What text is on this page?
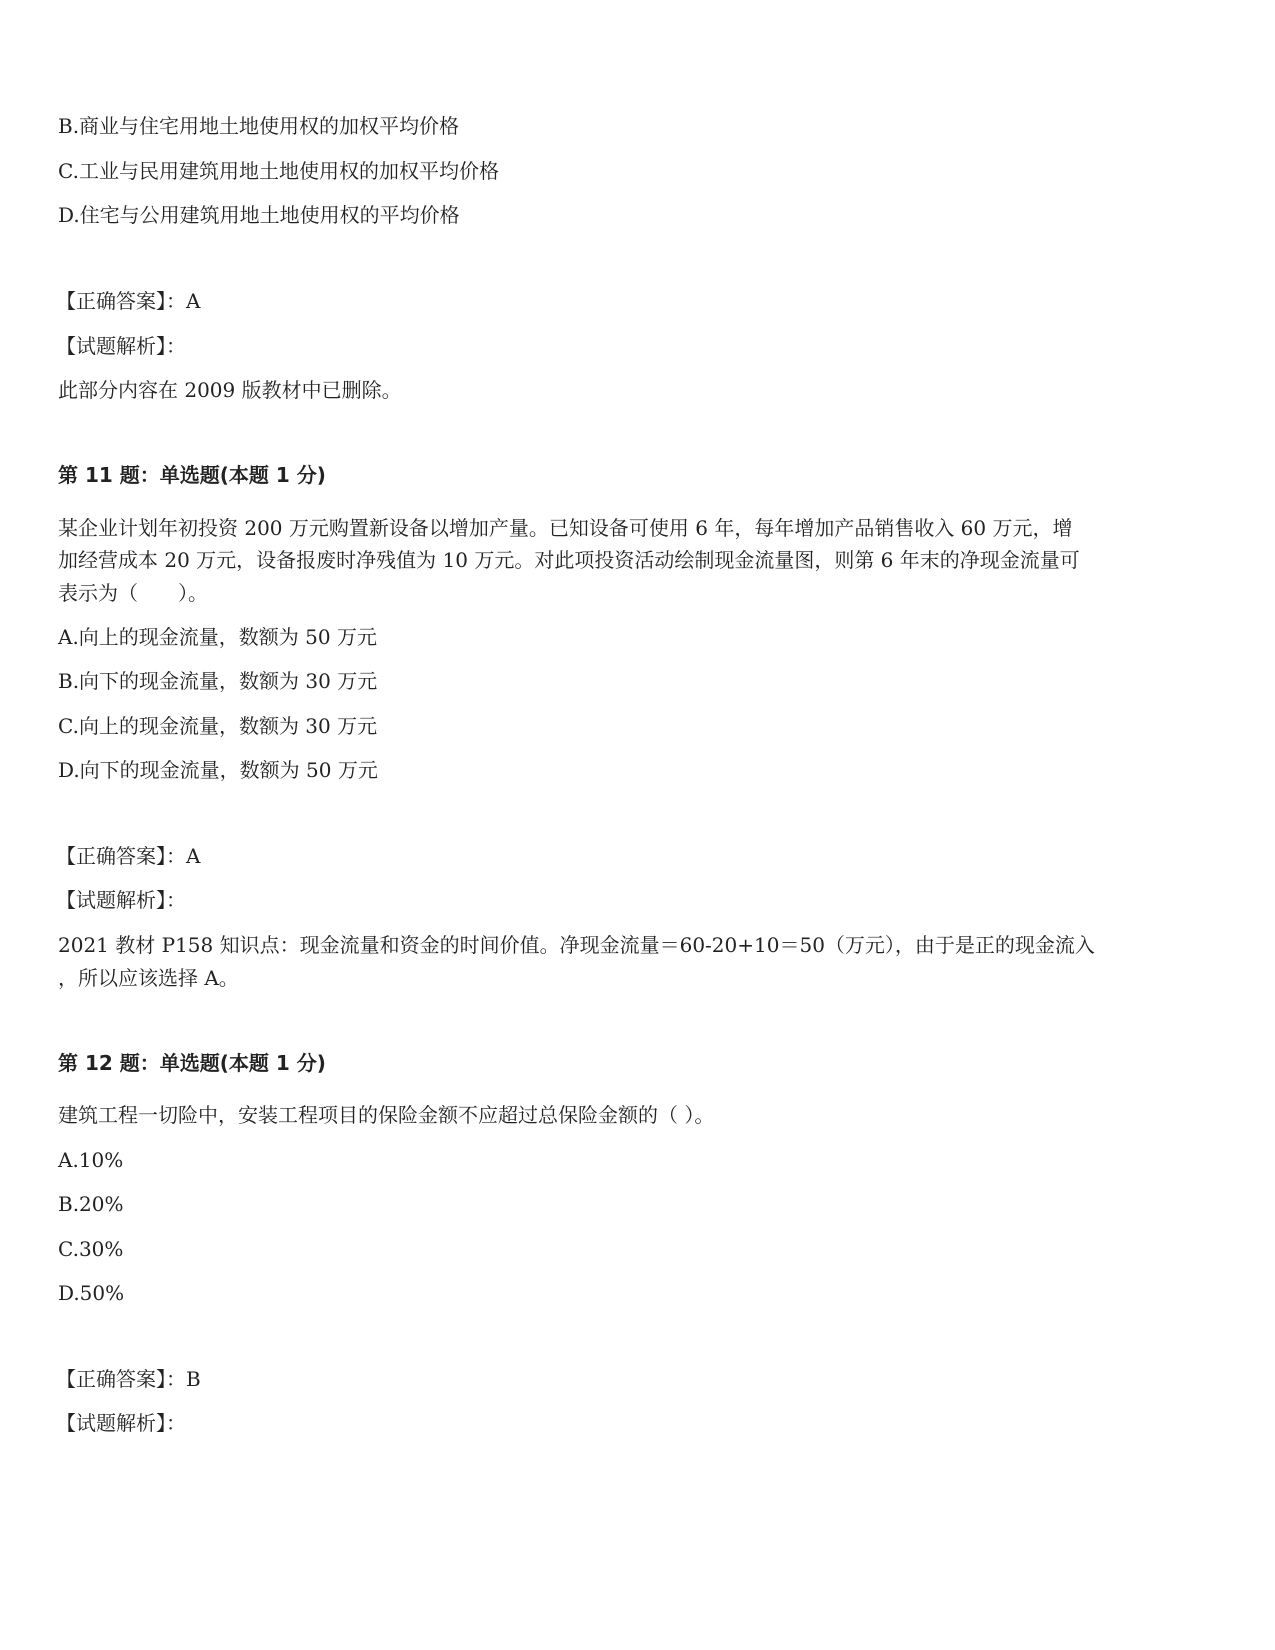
B.商业与住宅用地土地使用权的加权平均价格
C.工业与民用建筑用地土地使用权的加权平均价格
D.住宅与公用建筑用地土地使用权的平均价格
【正确答案】：A
【试题解析】：
此部分内容在 2009 版教材中已删除。
第 11 题：单选题(本题 1 分)
某企业计划年初投资 200 万元购置新设备以增加产量。已知设备可使用 6 年，每年增加产品销售收入 60 万元，增
加经营成本 20 万元，设备报废时净残值为 10 万元。对此项投资活动绘制现金流量图，则第 6 年末的净现金流量可
表示为（　　）。
A.向上的现金流量，数额为 50 万元
B.向下的现金流量，数额为 30 万元
C.向上的现金流量，数额为 30 万元
D.向下的现金流量，数额为 50 万元
【正确答案】：A
【试题解析】：
2021 教材 P158 知识点：现金流量和资金的时间价值。净现金流量＝60-20+10＝50（万元），由于是正的现金流入
，所以应该选择 A。
第 12 题：单选题(本题 1 分)
建筑工程一切险中，安装工程项目的保险金额不应超过总保险金额的（ ）。
A.10%
B.20%
C.30%
D.50%
【正确答案】：B
【试题解析】：
